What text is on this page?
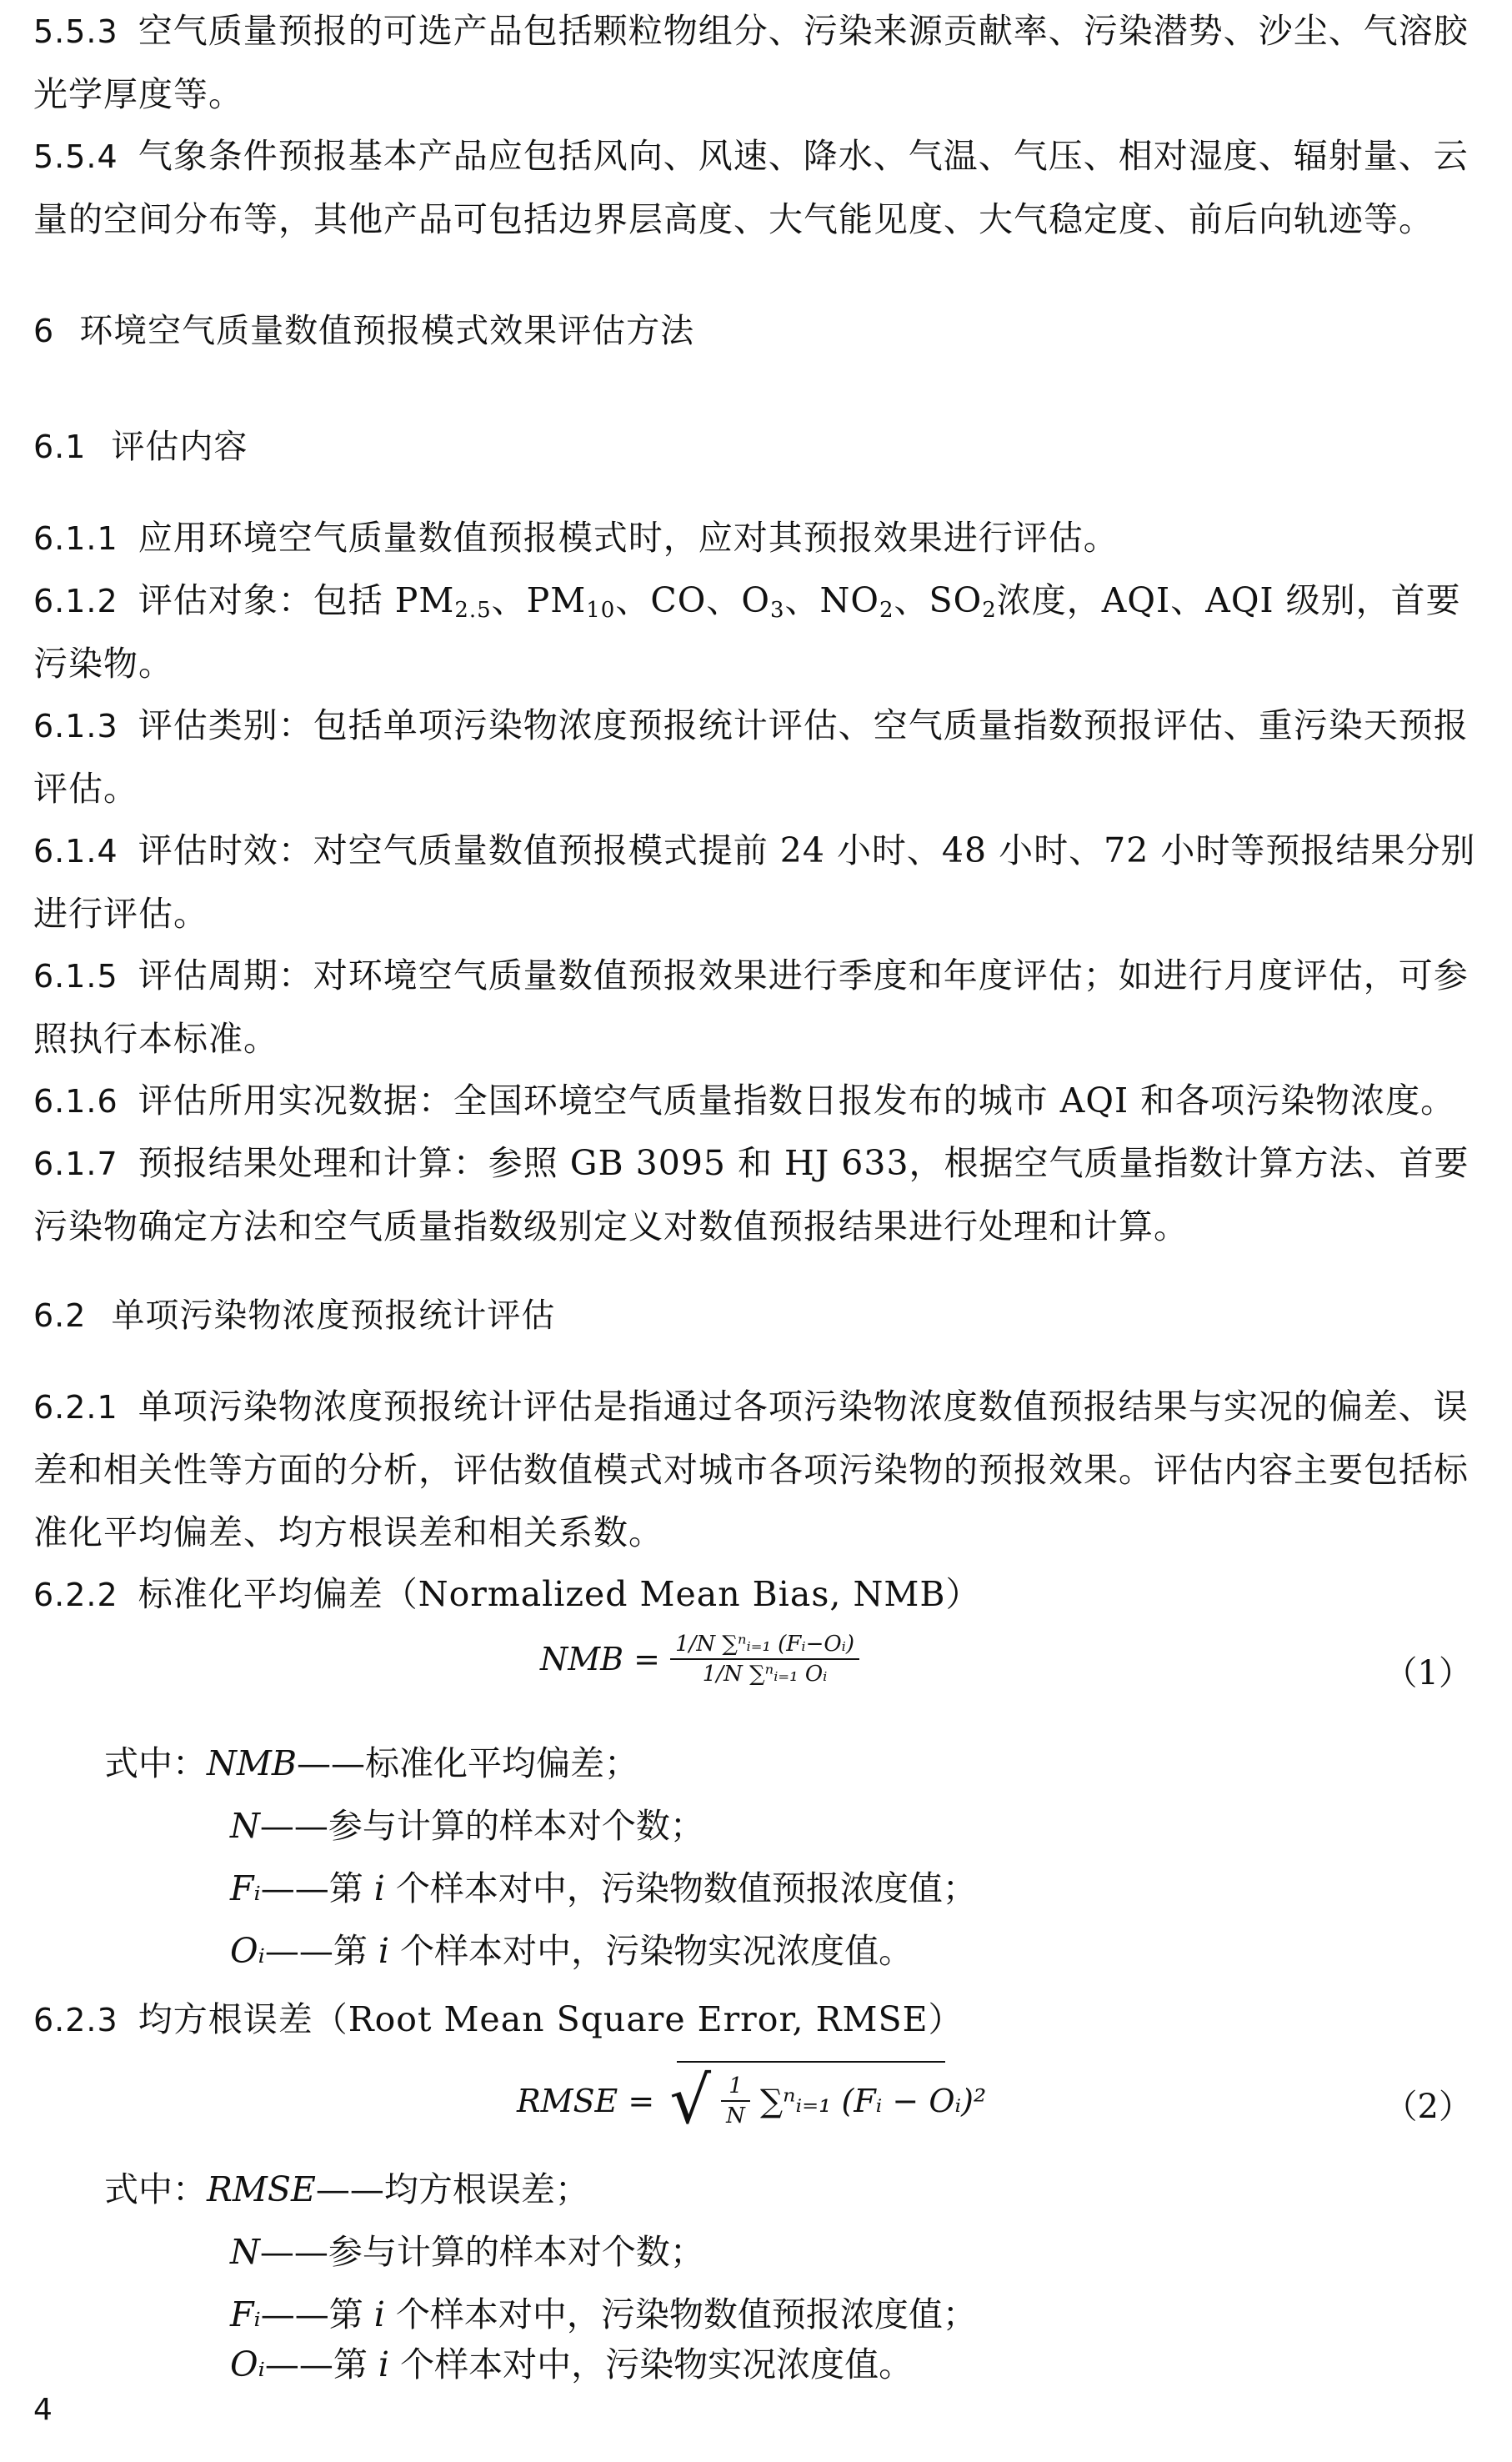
5.5.3 空气质量预报的可选产品包括颗粒物组分、污染来源贡献率、污染潜势、沙尘、气溶胶光学厚度等。
5.5.4 气象条件预报基本产品应包括风向、风速、降水、气温、气压、相对湿度、辐射量、云量的空间分布等，其他产品可包括边界层高度、大气能见度、大气稳定度、前后向轨迹等。
6 环境空气质量数值预报模式效果评估方法
6.1 评估内容
6.1.1 应用环境空气质量数值预报模式时，应对其预报效果进行评估。
6.1.2 评估对象：包括 $PM_{2.5}$、$PM_{10}$、CO、$O_3$、$NO_2$、$SO_2$浓度，AQI、AQI 级别，首要污染物。
6.1.3 评估类别：包括单项污染物浓度预报统计评估、空气质量指数预报评估、重污染天预报评估。
6.1.4 评估时效：对空气质量数值预报模式提前 24 小时、48 小时、72 小时等预报结果分别进行评估。
6.1.5 评估周期：对环境空气质量数值预报效果进行季度和年度评估；如进行月度评估，可参照执行本标准。
6.1.6 评估所用实况数据：全国环境空气质量指数日报发布的城市 AQI 和各项污染物浓度。
6.1.7 预报结果处理和计算：参照 GB 3095 和 HJ 633，根据空气质量指数计算方法、首要污染物确定方法和空气质量指数级别定义对数值预报结果进行处理和计算。
6.2 单项污染物浓度预报统计评估
6.2.1 单项污染物浓度预报统计评估是指通过各项污染物浓度数值预报结果与实况的偏差、误差和相关性等方面的分析，评估数值模式对城市各项污染物的预报效果。评估内容主要包括标准化平均偏差、均方根误差和相关系数。
6.2.2 标准化平均偏差（Normalized Mean Bias, NMB）
NMB = $\frac{\text{1/N ∑ⁿᵢ₌₁ (Fᵢ−Oᵢ)}}{\text{1/N ∑ⁿᵢ₌₁ Oᵢ}}$	（1）
式中：NMB——标准化平均偏差；
N——参与计算的样本对个数；
Fᵢ——第 i 个样本对中，污染物数值预报浓度值；
Oᵢ——第 i 个样本对中，污染物实况浓度值。
6.2.3 均方根误差（Root Mean Square Error, RMSE）
RMSE = √ $\frac{1}{N}$ ∑ⁿᵢ₌₁ (Fᵢ − Oᵢ)²	（2）
式中：RMSE——均方根误差；
N——参与计算的样本对个数；
Fᵢ——第 i 个样本对中，污染物数值预报浓度值；
Oᵢ——第 i 个样本对中，污染物实况浓度值。
4
